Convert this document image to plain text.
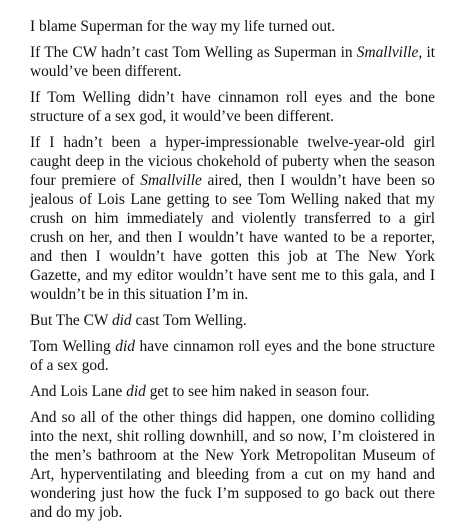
I blame Superman for the way my life turned out.

If The CW hadn’t cast Tom Welling as Superman in Smallville, it would’ve been different.

If Tom Welling didn’t have cinnamon roll eyes and the bone structure of a sex god, it would’ve been different.

If I hadn’t been a hyper-impressionable twelve-year-old girl caught deep in the vicious chokehold of puberty when the season four premiere of Smallville aired, then I wouldn’t have been so jealous of Lois Lane getting to see Tom Welling naked that my crush on him immediately and violently transferred to a girl crush on her, and then I wouldn’t have wanted to be a reporter, and then I wouldn’t have gotten this job at The New York Gazette, and my editor wouldn’t have sent me to this gala, and I wouldn’t be in this situation I’m in.

But The CW did cast Tom Welling.

Tom Welling did have cinnamon roll eyes and the bone structure of a sex god.

And Lois Lane did get to see him naked in season four.

And so all of the other things did happen, one domino colliding into the next, shit rolling downhill, and so now, I’m cloistered in the men’s bathroom at the New York Metropolitan Museum of Art, hyperventilating and bleeding from a cut on my hand and wondering just how the fuck I’m supposed to go back out there and do my job.
